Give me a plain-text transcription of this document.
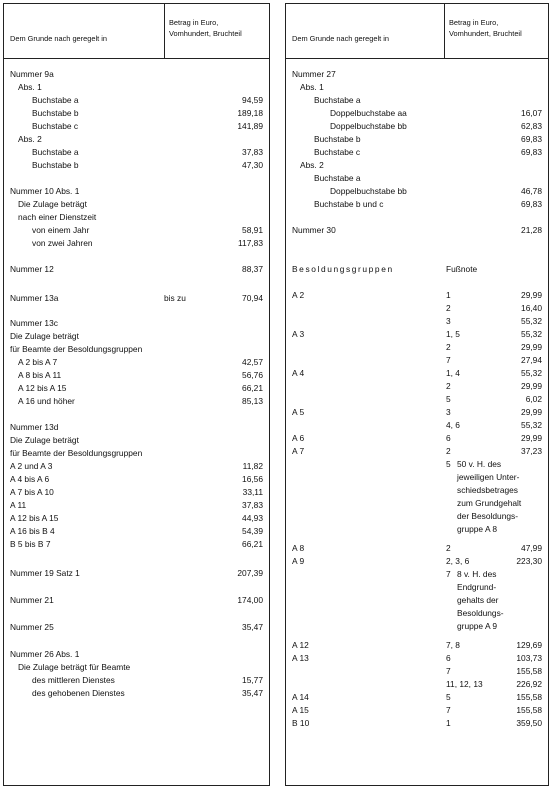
Dem Grunde nach geregelt in
Betrag in Euro,
Vomhundert, Bruchteil
Nummer 9a
Abs. 1
Buchstabe a	94,59
Buchstabe b	189,18
Buchstabe c	141,89
Abs. 2
Buchstabe a	37,83
Buchstabe b	47,30
Nummer 10 Abs. 1
Die Zulage beträgt
nach einer Dienstzeit
von einem Jahr	58,91
von zwei Jahren	117,83
Nummer 12	88,37
Nummer 13a	bis zu	70,94
Nummer 13c
Die Zulage beträgt
für Beamte der Besoldungsgruppen
A 2 bis A 7	42,57
A 8 bis A 11	56,76
A 12 bis A 15	66,21
A 16 und höher	85,13
Nummer 13d
Die Zulage beträgt
für Beamte der Besoldungsgruppen
A 2 und A 3	11,82
A 4 bis A 6	16,56
A 7 bis A 10	33,11
A 11	37,83
A 12 bis A 15	44,93
A 16 bis B 4	54,39
B 5 bis B 7	66,21
Nummer 19 Satz 1	207,39
Nummer 21	174,00
Nummer 25	35,47
Nummer 26 Abs. 1
Die Zulage beträgt für Beamte
des mittleren Dienstes	15,77
des gehobenen Dienstes	35,47
Dem Grunde nach geregelt in
Betrag in Euro,
Vomhundert, Bruchteil
Nummer 27
Abs. 1
Buchstabe a
Doppelbuchstabe aa	16,07
Doppelbuchstabe bb	62,83
Buchstabe b	69,83
Buchstabe c	69,83
Abs. 2
Buchstabe a
Doppelbuchstabe bb	46,78
Buchstabe b und c	69,83
Nummer 30	21,28
Besoldungsgruppen	Fußnote
A 2	1	29,99
2	16,40
3	55,32
A 3	1, 5	55,32
2	29,99
7	27,94
A 4	1, 4	55,32
2	29,99
5	6,02
A 5	3	29,99
4, 6	55,32
A 6	6	29,99
A 7	2	37,23
5 50 v. H. des
jeweiligen Unter-
schiedsbetrages
zum Grundgehalt
der Besoldungs-
gruppe A 8
A 8	2	47,99
A 9	2, 3, 6	223,30
7 8 v. H. des
Endgrund-
gehalts der
Besoldungs-
gruppe A 9
A 12	7, 8	129,69
A 13	6	103,73
7	155,58
11, 12, 13	226,92
A 14	5	155,58
A 15	7	155,58
B 10	1	359,50
